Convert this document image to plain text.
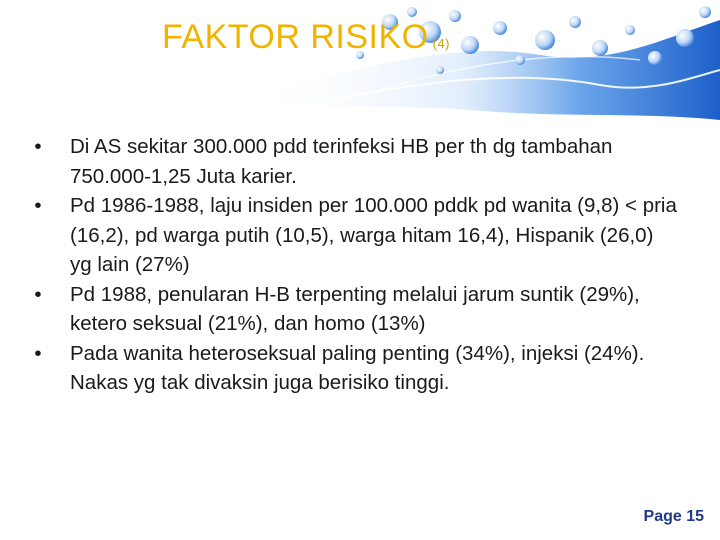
FAKTOR RISIKO (4)
•	Di AS sekitar 300.000 pdd terinfeksi HB per th dg tambahan 750.000-1,25 Juta karier.
•	Pd 1986-1988, laju insiden per 100.000 pddk pd wanita (9,8) < pria (16,2), pd warga putih (10,5), warga hitam 16,4), Hispanik (26,0) yg lain (27%)
•	Pd 1988, penularan H-B terpenting melalui jarum suntik (29%), ketero seksual (21%), dan homo (13%)
•	Pada wanita heteroseksual paling penting (34%), injeksi (24%). Nakas yg tak divaksin juga berisiko tinggi.
Page 15
